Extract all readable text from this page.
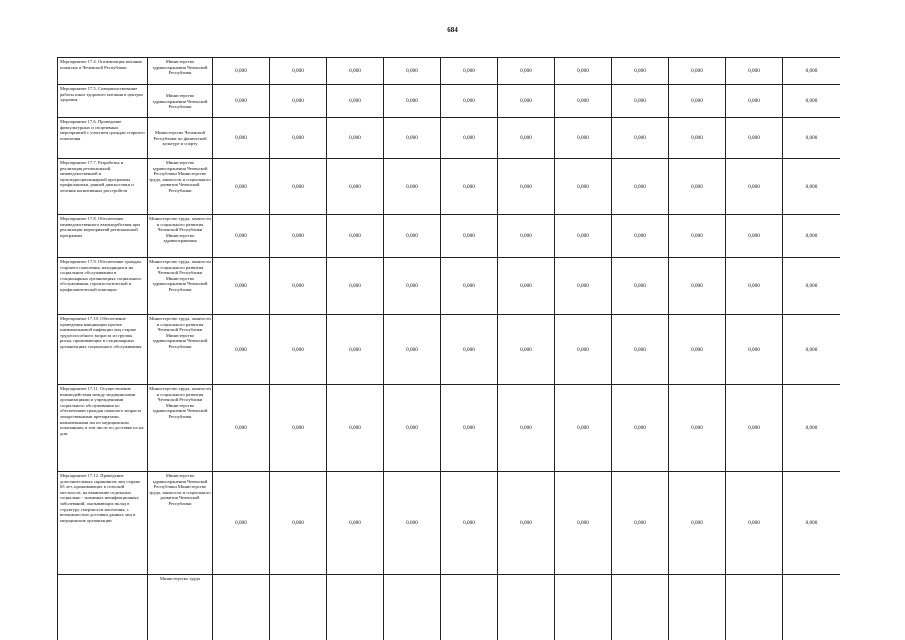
684
Мероприятие 17.4. Оптимизация питания пожилых в Чеченской Республике	Министерство здравоохранения Чеченской Республики	0,000	0,000	0,000	0,000	0,000	0,000	0,000	0,000	0,000	0,000	0,000
Мероприятие 17.5. Совершенствование работы школ здорового питания в центрах здоровья	Министерство здравоохранения Чеченской Республики	0,000	0,000	0,000	0,000	0,000	0,000	0,000	0,000	0,000	0,000	0,000
Мероприятие 17.6. Проведение физкультурных и спортивных мероприятий с участием граждан старшего поколения	Министерство Чеченской Республики по физической культуре и спорту	0,000	0,000	0,000	0,000	0,000	0,000	0,000	0,000	0,000	0,000	0,000
Мероприятие 17.7. Разработка и реализация региональной межведомственной и мультидисциплинарной программы профилактики, ранней диагностики и лечения когнитивных расстройств	Министерство здравоохранения Чеченской Республики Министерство труда, занятости и социального развития Чеченской Республики	0,000	0,000	0,000	0,000	0,000	0,000	0,000	0,000	0,000	0,000	0,000
Мероприятие 17.8. Обеспечение межведомственного взаимодействия при реализации мероприятий региональной программы	Министерство труда, занятости и социального развития Чеченской Республики Министерство здравоохранения	0,000	0,000	0,000	0,000	0,000	0,000	0,000	0,000	0,000	0,000	0,000
Мероприятие 17.9. Обеспечение граждан старшего поколения, находящихся на социальном обслуживании в стационарных организациях социального обслуживания, геронтологической и профилактической помощью	Министерство труда, занятости и социального развития Чеченской Республики Министерство здравоохранения Чеченской Республики	0,000	0,000	0,000	0,000	0,000	0,000	0,000	0,000	0,000	0,000	0,000
Мероприятие 17.10. Обеспечение проведения вакцинации против пневмококковой инфекции лиц старше трудоспособного возраста из группы риска, проживающих в стационарных организациях социального обслуживания	Министерство труда, занятости и социального развития Чеченской Республики Министерство здравоохранения Чеченской Республики	0,000	0,000	0,000	0,000	0,000	0,000	0,000	0,000	0,000	0,000	0,000
Мероприятие 17.11. Осуществление взаимодействия между медицинскими организациями и учреждениями социального обслуживания по обеспечению граждан пожилого возраста лекарственными препаратами, назначенными им по медицинским показаниям, в том числе по доставке их на дом	Министерство труда, занятости и социального развития Чеченской Республики Министерство здравоохранения Чеченской Республики	0,000	0,000	0,000	0,000	0,000	0,000	0,000	0,000	0,000	0,000	0,000
Мероприятие 17.12. Проведение дополнительных скринингов лиц старше 65 лет, проживающих в сельской местности, на выявление отдельных социально - значимых неинфекционных заболеваний, оказывающих вклад в структуру смертности населения, с возможностью доставки данных лиц в медицинские организации	Министерство здравоохранения Чеченской Республики Министерство труда, занятости и социального развития Чеченской Республики	0,000	0,000	0,000	0,000	0,000	0,000	0,000	0,000	0,000	0,000	0,000
	Министерство труда											
